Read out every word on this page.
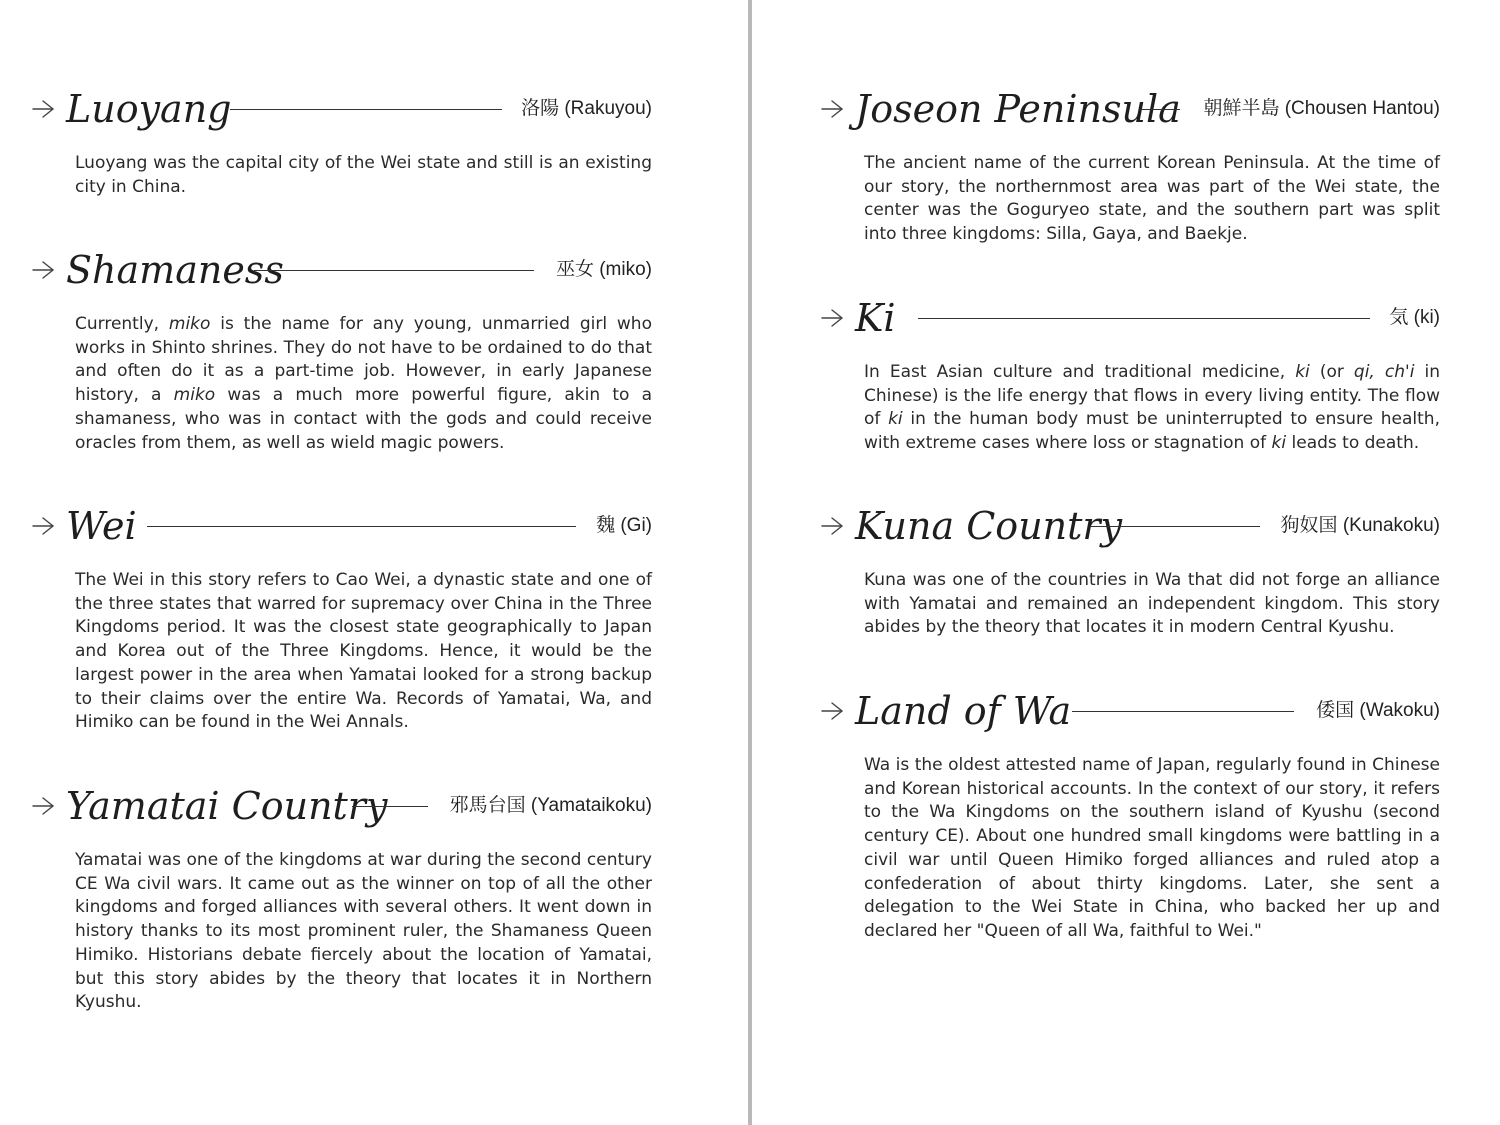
Luoyang	洛陽 (Rakuyou)

Luoyang was the capital city of the Wei state and still is an existing city in China.

Shamaness	巫女 (miko)

Currently, miko is the name for any young, unmarried girl who works in Shinto shrines. They do not have to be ordained to do that and often do it as a part-time job. However, in early Japanese history, a miko was a much more powerful figure, akin to a shamaness, who was in contact with the gods and could receive oracles from them, as well as wield magic powers.

Wei	魏 (Gi)

The Wei in this story refers to Cao Wei, a dynastic state and one of the three states that warred for supremacy over China in the Three Kingdoms period. It was the closest state geographically to Japan and Korea out of the Three Kingdoms. Hence, it would be the largest power in the area when Yamatai looked for a strong backup to their claims over the entire Wa. Records of Yamatai, Wa, and Himiko can be found in the Wei Annals.

Yamatai Country	邪馬台国 (Yamataikoku)

Yamatai was one of the kingdoms at war during the second century CE Wa civil wars. It came out as the winner on top of all the other kingdoms and forged alliances with several others. It went down in history thanks to its most prominent ruler, the Shamaness Queen Himiko. Historians debate fiercely about the location of Yamatai, but this story abides by the theory that locates it in Northern Kyushu.

Joseon Peninsula 朝鮮半島 (Chousen Hantou)

The ancient name of the current Korean Peninsula. At the time of our story, the northernmost area was part of the Wei state, the center was the Goguryeo state, and the southern part was split into three kingdoms: Silla, Gaya, and Baekje.

Ki	気 (ki)

In East Asian culture and traditional medicine, ki (or qi, ch'i in Chinese) is the life energy that flows in every living entity. The flow of ki in the human body must be uninterrupted to ensure health, with extreme cases where loss or stagnation of ki leads to death.

Kuna Country	狗奴国 (Kunakoku)

Kuna was one of the countries in Wa that did not forge an alliance with Yamatai and remained an independent kingdom. This story abides by the theory that locates it in modern Central Kyushu.

Land of Wa	倭国 (Wakoku)

Wa is the oldest attested name of Japan, regularly found in Chinese and Korean historical accounts. In the context of our story, it refers to the Wa Kingdoms on the southern island of Kyushu (second century CE). About one hundred small kingdoms were battling in a civil war until Queen Himiko forged alliances and ruled atop a confederation of about thirty kingdoms. Later, she sent a delegation to the Wei State in China, who backed her up and declared her "Queen of all Wa, faithful to Wei."
